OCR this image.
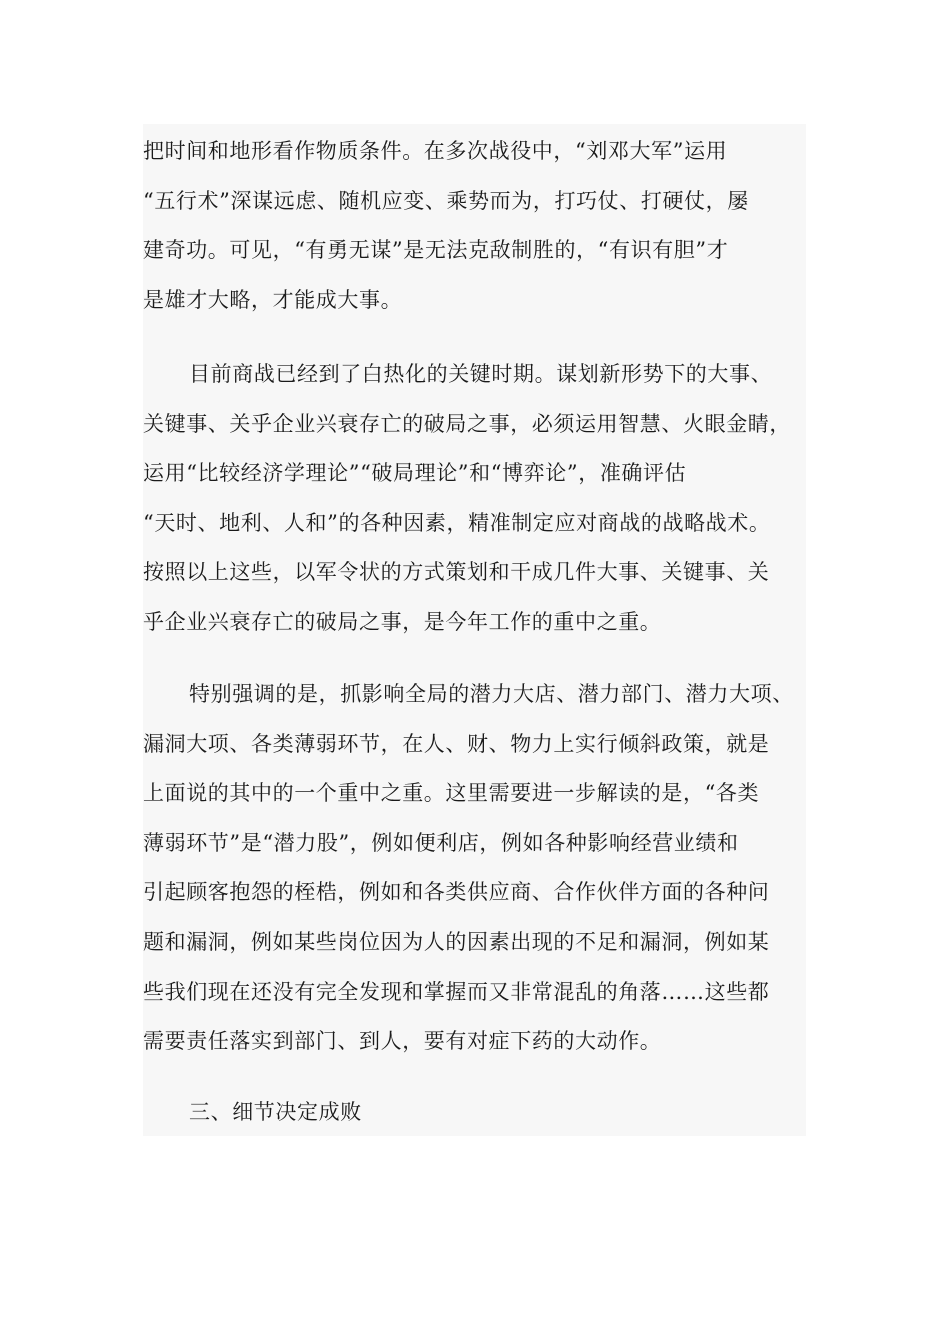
把时间和地形看作物质条件。在多次战役中，“刘邓大军”运用
“五行术”深谋远虑、随机应变、乘势而为，打巧仗、打硬仗，屡
建奇功。可见，“有勇无谋”是无法克敌制胜的，“有识有胆”才
是雄才大略，才能成大事。
目前商战已经到了白热化的关键时期。谋划新形势下的大事、
关键事、关乎企业兴衰存亡的破局之事，必须运用智慧、火眼金睛，
运用“比较经济学理论”“破局理论”和“博弈论”，准确评估
“天时、地利、人和”的各种因素，精准制定应对商战的战略战术。
按照以上这些，以军令状的方式策划和干成几件大事、关键事、关
乎企业兴衰存亡的破局之事，是今年工作的重中之重。
特别强调的是，抓影响全局的潜力大店、潜力部门、潜力大项、
漏洞大项、各类薄弱环节，在人、财、物力上实行倾斜政策，就是
上面说的其中的一个重中之重。这里需要进一步解读的是，“各类
薄弱环节”是“潜力股”，例如便利店，例如各种影响经营业绩和
引起顾客抱怨的桎梏，例如和各类供应商、合作伙伴方面的各种问
题和漏洞，例如某些岗位因为人的因素出现的不足和漏洞，例如某
些我们现在还没有完全发现和掌握而又非常混乱的角落……这些都
需要责任落实到部门、到人，要有对症下药的大动作。
三、细节决定成败
